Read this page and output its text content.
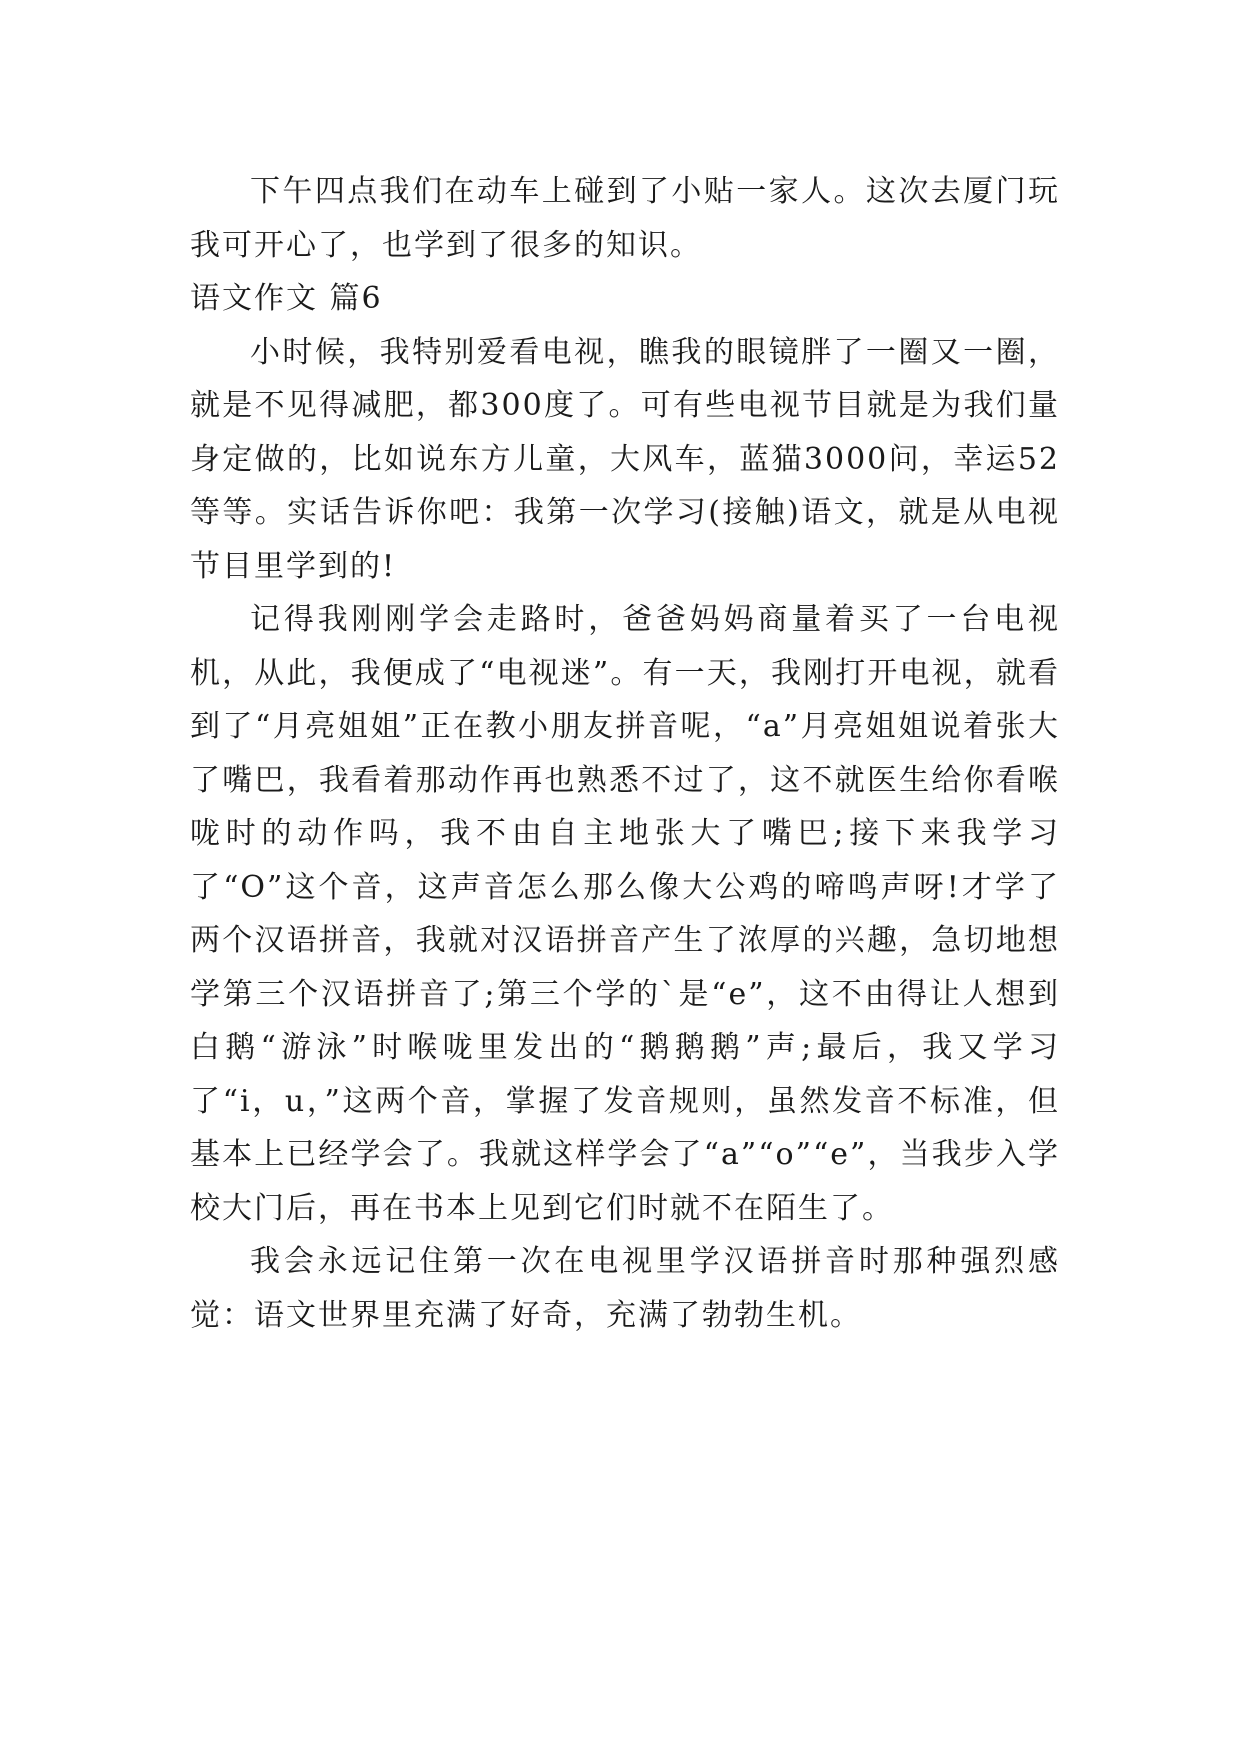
下午四点我们在动车上碰到了小贴一家人。这次去厦门玩我可开心了，也学到了很多的知识。

语文作文 篇6

小时候，我特别爱看电视，瞧我的眼镜胖了一圈又一圈，就是不见得减肥，都300度了。可有些电视节目就是为我们量身定做的，比如说东方儿童，大风车，蓝猫3000问，幸运52等等。实话告诉你吧：我第一次学习(接触)语文，就是从电视节目里学到的!

记得我刚刚学会走路时，爸爸妈妈商量着买了一台电视机，从此，我便成了“电视迷”。有一天，我刚打开电视，就看到了“月亮姐姐”正在教小朋友拼音呢，“a”月亮姐姐说着张大了嘴巴，我看着那动作再也熟悉不过了，这不就医生给你看喉咙时的动作吗，我不由自主地张大了嘴巴;接下来我学习了“O”这个音，这声音怎么那么像大公鸡的啼鸣声呀!才学了两个汉语拼音，我就对汉语拼音产生了浓厚的兴趣，急切地想学第三个汉语拼音了;第三个学的`是“e”，这不由得让人想到白鹅“游泳”时喉咙里发出的“鹅鹅鹅”声;最后，我又学习了“i，u，”这两个音，掌握了发音规则，虽然发音不标准，但基本上已经学会了。我就这样学会了“a”“o”“e”，当我步入学校大门后，再在书本上见到它们时就不在陌生了。

我会永远记住第一次在电视里学汉语拼音时那种强烈感觉：语文世界里充满了好奇，充满了勃勃生机。
